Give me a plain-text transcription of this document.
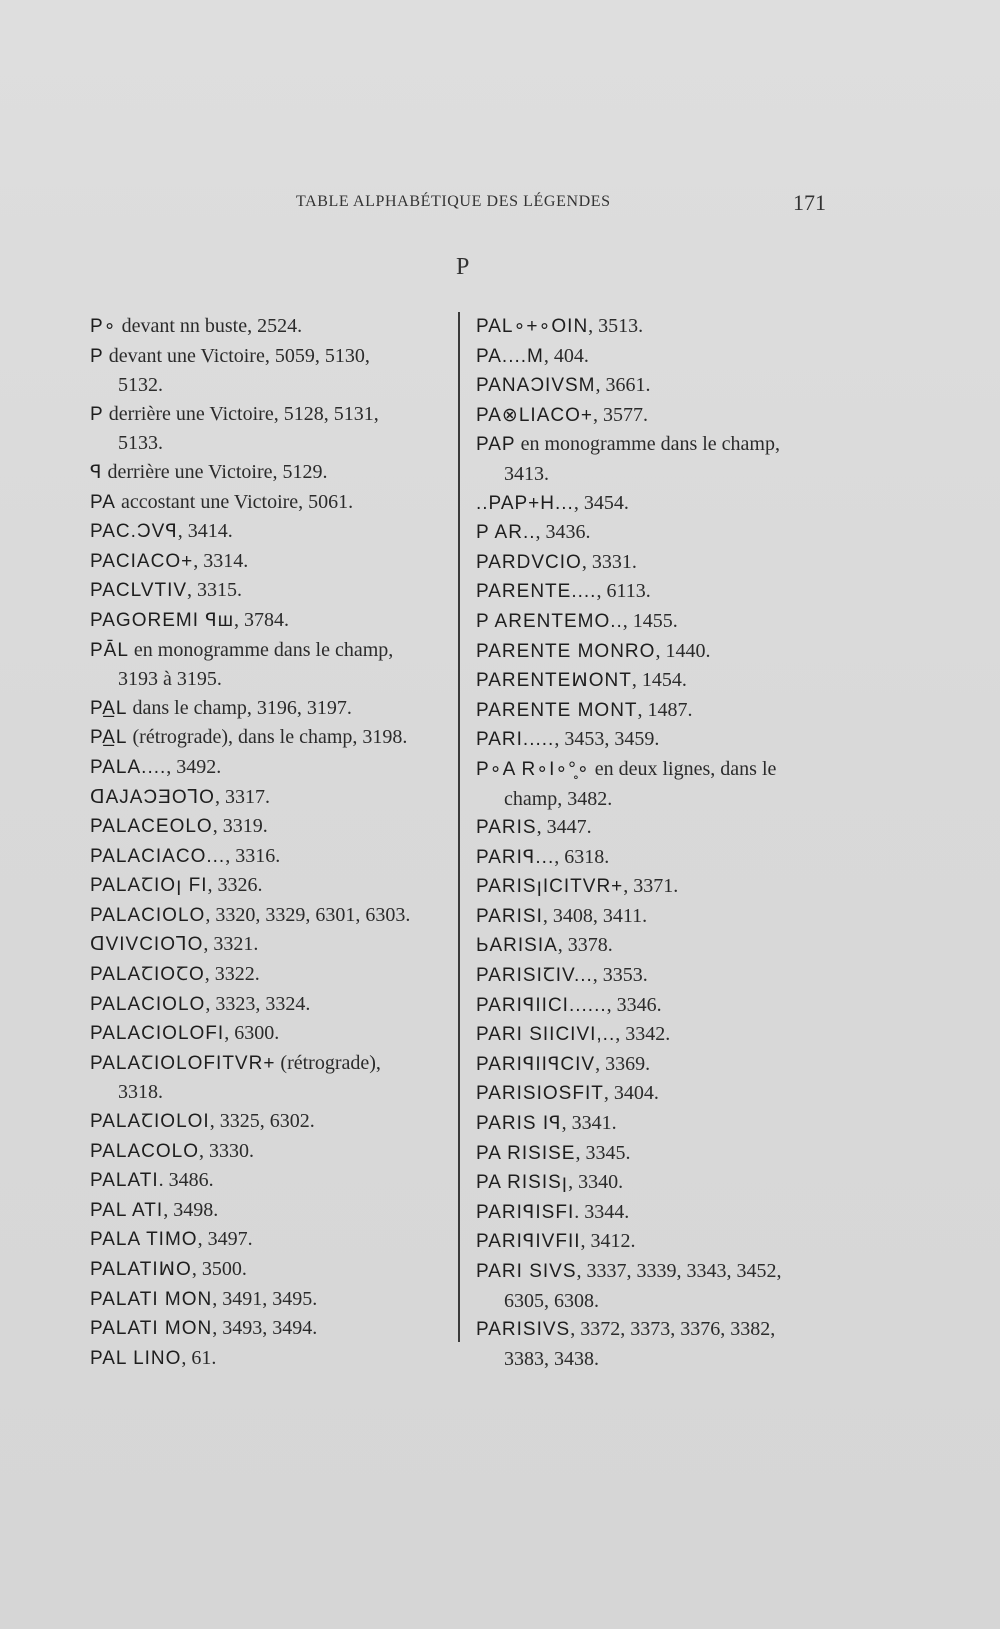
TABLE ALPHABÉTIQUE DES LÉGENDES	171
P
P∘ devant nn buste, 2524.
P devant une Victoire, 5059, 5130,
5132.
P derrière une Victoire, 5128, 5131,
5133.
ꟼ derrière une Victoire, 5129.
PA accostant une Victoire, 5061.
PAC.ƆVꟼ, 3414.
PACIACO+, 3314.
PACLVTIV, 3315.
PAGOREMI ꟼш, 3784.
PĀL en monogramme dans le champ,
3193 à 3195.
PA̲L dans le champ, 3196, 3197.
PA̲L (rétrograde), dans le champ, 3198.
PALA...., 3492.
ꓷAJAƆƎOꓶO, 3317.
PALACEOLO, 3319.
PALACIACO..., 3316.
PALAꞆIOꞁ FI, 3326.
PALACIOLO, 3320, 3329, 6301, 6303.
ꓷVIVCIOꓶO, 3321.
PALAꞆIOꞆO, 3322.
PALACIOLO, 3323, 3324.
PALACIOLOFI, 6300.
PALAꞆIOLOFITVR+ (rétrograde),
3318.
PALAꞆIOLOI, 3325, 6302.
PALACOLO, 3330.
PALATI. 3486.
PAL ATI, 3498.
PALA TIMO, 3497.
PALATIꟽO, 3500.
PALATI MON, 3491, 3495.
PALATI MON, 3493, 3494.
PAL LINO, 61.
PAL∘+∘OIN, 3513.
PA....M, 404.
PANAƆIVSM, 3661.
PA⊗LIACO+, 3577.
PAP en monogramme dans le champ,
3413.
..PAP+H..., 3454.
P AR.., 3436.
PARDVCIO, 3331.
PARENTE...., 6113.
P ARENTEMO.., 1455.
PARENTE MONRO, 1440.
PARENTEꟽONT, 1454.
PARENTE MONT, 1487.
PARI....., 3453, 3459.
P∘A R∘I∘°̥∘ en deux lignes, dans le
champ, 3482.
PARIS, 3447.
PARIꟼ..., 6318.
PARISꞁICITVR+, 3371.
PARISI, 3408, 3411.
ЬARISIA, 3378.
PARISIꞆIV..., 3353.
PARIꟼIICI......, 3346.
PARI SIICIVI,.., 3342.
PARIꟼIIꟼCIV, 3369.
PARISIOSFIT, 3404.
PARIS Iꟼ, 3341.
PA RISISE, 3345.
PA RISISꞁ, 3340.
PARIꟼISFI. 3344.
PARIꟼIVFII, 3412.
PARI SIVS, 3337, 3339, 3343, 3452,
6305, 6308.
PARISIVS, 3372, 3373, 3376, 3382,
3383, 3438.
